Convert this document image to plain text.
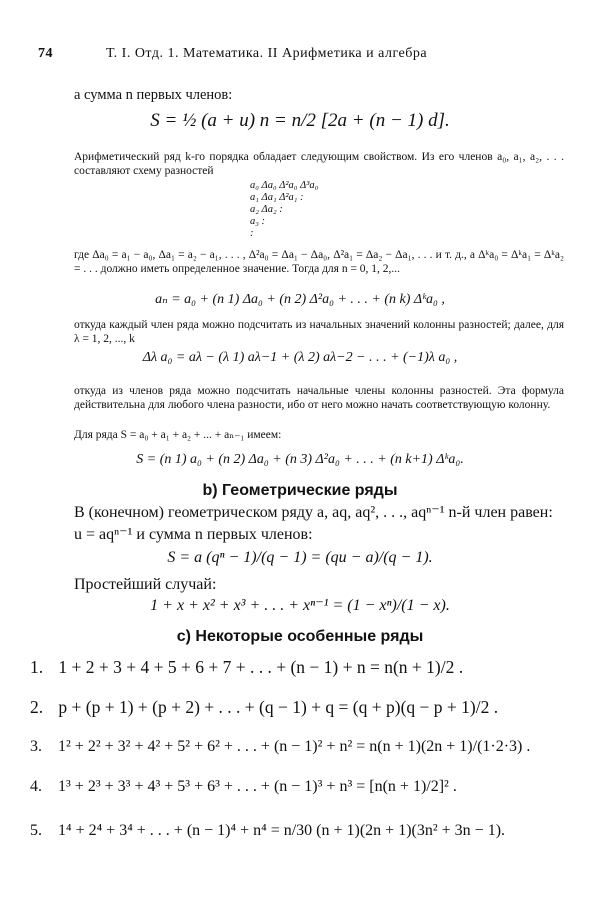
74	Т. I. Отд. 1. Математика. II Арифметика и алгебра
а сумма n первых членов:
S = ½ (a + u) n = n/2 [2a + (n − 1) d].
Арифметический ряд k-го порядка обладает следующим свойством. Из его членов a₀, a₁, a₂, . . . составляют схему разностей
a₀ Δa₀ Δ²a₀ Δ³a₀
a₁ Δa₁ Δ²a₁ :
a₂ Δa₂ :
a₃ :
:
где Δa₀ = a₁ − a₀, Δa₁ = a₂ − a₁, . . . , Δ²a₀ = Δa₁ − Δa₀, Δ²a₁ = Δa₂ − Δa₁, . . . и т. д., а Δᵏa₀ = Δᵏa₁ = Δᵏa₂ = . . . должно иметь определенное значение. Тогда для n = 0, 1, 2,...
aₙ = a₀ + (n 1) Δa₀ + (n 2) Δ²a₀ + . . . + (n k) Δᵏa₀ ,
откуда каждый член ряда можно подсчитать из начальных значений колонны разностей; далее, для λ = 1, 2, ..., k
Δλ a₀ = aλ − (λ 1) aλ−1 + (λ 2) aλ−2 − . . . + (−1)λ a₀ ,
откуда из членов ряда можно подсчитать начальные члены колонны разностей. Эта формула действительна для любого члена разности, ибо от него можно начать соответствующую колонну.
Для ряда S = a₀ + a₁ + a₂ + ... + aₙ₋₁ имеем:
S = (n 1) a₀ + (n 2) Δa₀ + (n 3) Δ²a₀ + . . . + (n k+1) Δᵏa₀.
b) Геометрические ряды
В (конечном) геометрическом ряду a, aq, aq², . . ., aqⁿ⁻¹ n-й член равен: u = aqⁿ⁻¹ и сумма n первых членов:
S = a (qⁿ − 1)/(q − 1) = (qu − a)/(q − 1).
Простейший случай:
1 + x + x² + x³ + . . . + xⁿ⁻¹ = (1 − xⁿ)/(1 − x).
c) Некоторые особенные ряды
1. 1 + 2 + 3 + 4 + 5 + 6 + 7 + . . . + (n − 1) + n = n(n + 1)/2 .
2. p + (p + 1) + (p + 2) + . . . + (q − 1) + q = (q + p)(q − p + 1)/2 .
3. 1² + 2² + 3² + 4² + 5² + 6² + . . . + (n − 1)² + n² = n(n + 1)(2n + 1)/(1·2·3) .
4. 1³ + 2³ + 3³ + 4³ + 5³ + 6³ + . . . + (n − 1)³ + n³ = [n(n + 1)/2]² .
5. 1⁴ + 2⁴ + 3⁴ + . . . + (n − 1)⁴ + n⁴ = n/30 (n + 1)(2n + 1)(3n² + 3n − 1).
